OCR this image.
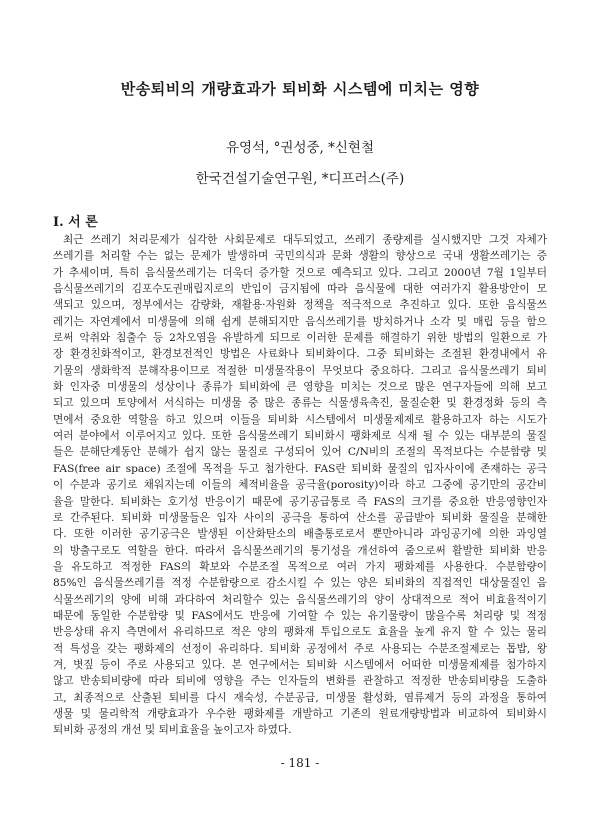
반송퇴비의 개량효과가 퇴비화 시스템에 미치는 영향
유영석, °권성중, *신현철
한국건설기술연구원, *디프러스(주)
I. 서 론
최근 쓰레기 처리문제가 심각한 사회문제로 대두되었고, 쓰레기 종량제를 실시했지만 그것 자체가
쓰레기를 처리할 수는 없는 문제가 발생하며 국민의식과 문화 생활의 향상으로 국내 생활쓰레기는 증
가 추세이며, 특히 음식물쓰레기는 더욱더 증가할 것으로 예측되고 있다. 그리고 2000년 7월 1일부터
음식물쓰레기의 김포수도권매립지로의 반입이 금지됨에 따라 음식물에 대한 여러가지 활용방안이 모
색되고 있으며, 정부에서는 감량화, 재활용·자원화 정책을 적극적으로 추진하고 있다. 또한 음식물쓰
레기는 자연계에서 미생물에 의해 쉽게 분해되지만 음식쓰레기를 방치하거나 소각 및 매립 등을 함으
로써 악취와 침출수 등 2차오염을 유발하게 되므로 이러한 문제를 해결하기 위한 방법의 일환으로 가
장 환경친화적이고, 환경보전적인 방법은 사료화나 퇴비화이다. 그중 퇴비화는 조절된 환경내에서 유
기물의 생화학적 분해작용이므로 적절한 미생물작용이 무엇보다 중요하다. 그리고 음식물쓰레기 퇴비
화 인자중 미생물의 성상이나 종류가 퇴비화에 큰 영향을 미치는 것으로 많은 연구자들에 의해 보고
되고 있으며 토양에서 서식하는 미생물 중 많은 종류는 식물생육촉진, 물질순환 및 환경정화 등의 측
면에서 중요한 역할을 하고 있으며 이들을 퇴비화 시스템에서 미생물제제로 활용하고자 하는 시도가
여러 분야에서 이루어지고 있다. 또한 음식물쓰레기 퇴비화시 팽화제로 식재 될 수 있는 대부분의 물질
들은 분해단계동안 분해가 쉽지 않는 물질로 구성되어 있어 C/N비의 조절의 목적보다는 수분함량 및
FAS(free air space) 조절에 목적을 두고 첨가한다. FAS란 퇴비화 물질의 입자사이에 존재하는 공극
이 수분과 공기로 채워지는데 이들의 체적비율을 공극율(porosity)이라 하고 그중에 공기만의 공간비
율을 말한다. 퇴비화는 호기성 반응이기 때문에 공기공급통로 즉 FAS의 크기를 중요한 반응영향인자
로 간주된다. 퇴비화 미생물들은 입자 사이의 공극을 통하여 산소를 공급받아 퇴비화 물질을 분해한
다. 또한 이러한 공기공극은 발생된 이산화탄소의 배출통로로서 뿐만아니라 과잉공기에 의한 과잉열
의 방출구로도 역할을 한다. 따라서 음식물쓰레기의 통기성을 개선하여 줌으로써 활발한 퇴비화 반응
을 유도하고 적정한 FAS의 확보와 수분조절 목적으로 여러 가지 팽화제를 사용한다. 수분함량이
85%인 음식물쓰레기를 적정 수분함량으로 감소시킬 수 있는 양은 퇴비화의 직접적인 대상물질인 음
식물쓰레기의 양에 비해 과다하여 처리할수 있는 음식물쓰레기의 양이 상대적으로 적어 비효율적이기
때문에 동일한 수분함량 및 FAS에서도 반응에 기여할 수 있는 유기물량이 많을수록 처리량 및 적정
반응상태 유지 측면에서 유리하므로 적은 양의 팽화재 투입으로도 효율을 높게 유지 할 수 있는 물리
적 특성을 갖는 팽화제의 선정이 유리하다. 퇴비화 공정에서 주로 사용되는 수분조절제로는 톱밥, 왕
겨, 볏짚 등이 주로 사용되고 있다. 본 연구에서는 퇴비화 시스템에서 어떠한 미생물제제를 첨가하지
않고 반송퇴비량에 따라 퇴비에 영향을 주는 인자들의 변화를 관찰하고 적정한 반송퇴비량을 도출하
고, 최종적으로 산출된 퇴비를 다시 재숙성, 수분공급, 미생물 활성화, 염류제거 등의 과정을 통하여
생물 및 물리학적 개량효과가 우수한 팽화제를 개발하고 기존의 원료개량방법과 비교하여 퇴비화시
퇴비화 공정의 개선 및 퇴비효율을 높이고자 하였다.
- 181 -
